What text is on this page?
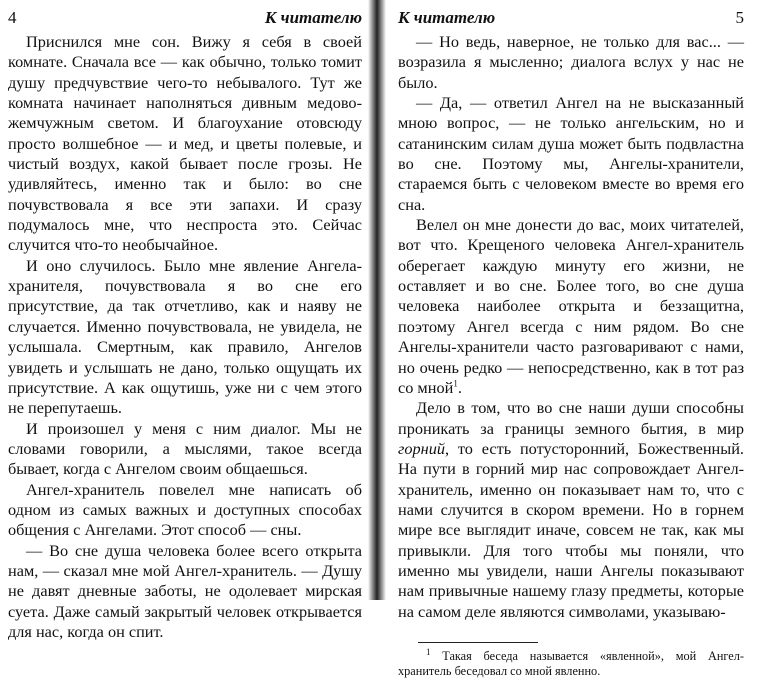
4	К читателю

Приснился мне сон. Вижу я себя в своей комнате. Сначала все — как обычно, только томит душу предчувствие чего-то небывалого. Тут же комната начинает наполняться дивным медово-жемчужным светом. И благоухание отовсюду просто волшебное — и мед, и цветы полевые, и чистый воздух, какой бывает после грозы. Не удивляйтесь, именно так и было: во сне почувствовала я все эти запахи. И сразу подумалось мне, что неспроста это. Сейчас случится что-то необычайное.

И оно случилось. Было мне явление Ангела-хранителя, почувствовала я во сне его присутствие, да так отчетливо, как и наяву не случается. Именно почувствовала, не увидела, не услышала. Смертным, как правило, Ангелов увидеть и услышать не дано, только ощущать их присутствие. А как ощутишь, уже ни с чем этого не перепутаешь.

И произошел у меня с ним диалог. Мы не словами говорили, а мыслями, такое всегда бывает, когда с Ангелом своим общаешься.

Ангел-хранитель повелел мне написать об одном из самых важных и доступных способах общения с Ангелами. Этот способ — сны.

— Во сне душа человека более всего открыта нам, — сказал мне мой Ангел-хранитель. — Душу не давят дневные заботы, не одолевает мирская суета. Даже самый закрытый человек открывается для нас, когда он спит.

К читателю	5

— Но ведь, наверное, не только для вас... — возразила я мысленно; диалога вслух у нас не было.

— Да, — ответил Ангел на не высказанный мною вопрос, — не только ангельским, но и сатанинским силам душа может быть подвластна во сне. Поэтому мы, Ангелы-хранители, стараемся быть с человеком вместе во время его сна.

Велел он мне донести до вас, моих читателей, вот что. Крещеного человека Ангел-хранитель оберегает каждую минуту его жизни, не оставляет и во сне. Более того, во сне душа человека наиболее открыта и беззащитна, поэтому Ангел всегда с ним рядом. Во сне Ангелы-хранители часто разговаривают с нами, но очень редко — непосредственно, как в тот раз со мной$^1$.

Дело в том, что во сне наши души способны проникать за границы земного бытия, в мир горний, то есть потусторонний, Божественный. На пути в горний мир нас сопровождает Ангел-хранитель, именно он показывает нам то, что с нами случится в скором времени. Но в горнем мире все выглядит иначе, совсем не так, как мы привыкли. Для того чтобы мы поняли, что именно мы увидели, наши Ангелы показывают нам привычные нашему глазу предметы, которые на самом деле являются символами, указываю-

$^1$ Такая беседа называется «явленной», мой Ангел-хранитель беседовал со мной явленно.
